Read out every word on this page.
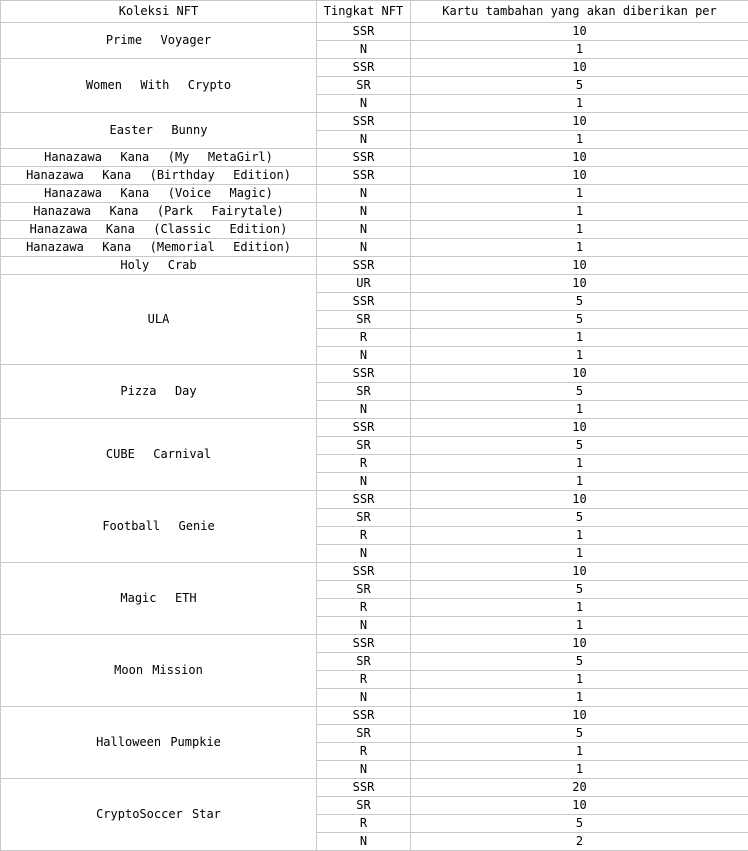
Koleksi NFT	Tingkat NFT	Kartu tambahan yang akan diberikan per
Prime  Voyager	SSR	10
	N	1
Women  With  Crypto	SSR	10
	SR	5
	N	1
Easter  Bunny	SSR	10
	N	1
Hanazawa  Kana  (My  MetaGirl)	SSR	10
Hanazawa  Kana  (Birthday  Edition)	SSR	10
Hanazawa  Kana  (Voice  Magic)	N	1
Hanazawa  Kana  (Park  Fairytale)	N	1
Hanazawa  Kana  (Classic  Edition)	N	1
Hanazawa  Kana  (Memorial  Edition)	N	1
Holy  Crab	SSR	10
ULA	UR	10
	SSR	5
	SR	5
	R	1
	N	1
Pizza  Day	SSR	10
	SR	5
	N	1
CUBE  Carnival	SSR	10
	SR	5
	R	1
	N	1
Football  Genie	SSR	10
	SR	5
	R	1
	N	1
Magic  ETH	SSR	10
	SR	5
	R	1
	N	1
Moon Mission	SSR	10
	SR	5
	R	1
	N	1
Halloween Pumpkie	SSR	10
	SR	5
	R	1
	N	1
CryptoSoccer Star	SSR	20
	SR	10
	R	5
	N	2
